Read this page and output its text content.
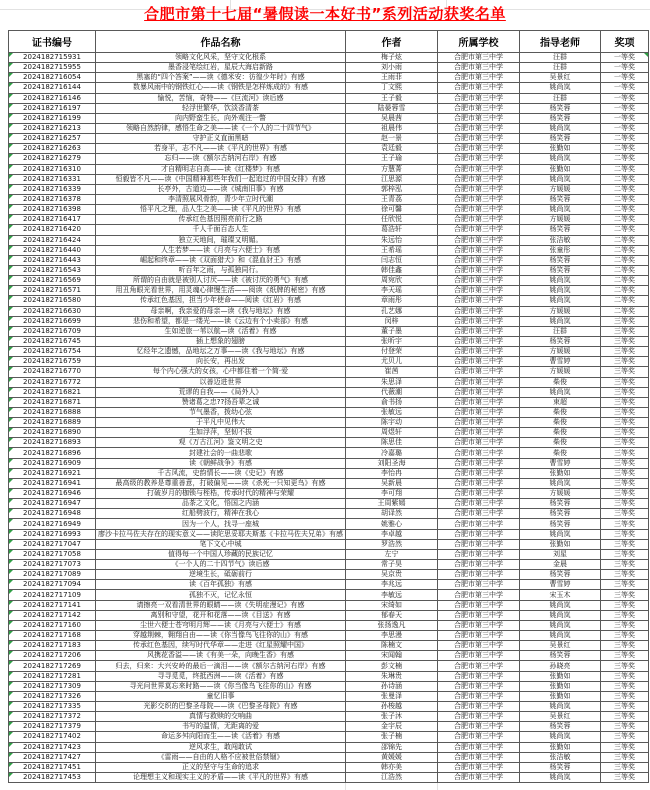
合肥市第十七届“暑假读一本好书”系列活动获奖名单
证书编号	作品名称	作者	所属学校	指导老师	奖项
2024182715931	领略文化风采，坚守文化根系	梅子炫	合肥市第三中学	汪群	一等奖
2024182715955	墨香浸笔绘红岩，星辰大海启新路	刘小雨	合肥市第三中学	汪群	一等奖
2024182716054	黑塞的“四个答案”——读《德米安：彷徨少年时》有感	王雨菲	合肥市第三中学	吴景红	一等奖
2024182716144	数暴风雨中的钢铁红心——读《钢铁是怎样炼成的》有感	丁文熙	合肥市第三中学	姚尚岚	一等奖
2024182716146	愉悦，苦恼，奇特——《巨流河》读后感	王子毅	合肥市第三中学	汪群	一等奖
2024182716197	轻浮世繁华，饮淡香清茶	陆晏蓉雪	合肥市第三中学	杨笑蓉	一等奖
2024182716199	向内野蛮生长，向外观注一瞥	吴晨茜	合肥市第三中学	杨笑蓉	一等奖
2024182716213	领略自然韵律，感悟生命之美——读《一个人的二十四节气》	祖晨伟	合肥市第三中学	姚尚岚	一等奖
2024182716257	守护正义直面黑暗	赵一景	合肥市第三中学	杨笑蓉	二等奖
2024182716263	若身平，志不凡——读《平凡的世界》有感	袁廷毅	合肥市第三中学	张勤如	二等奖
2024182716279	忘归——读《额尔古纳河右岸》有感	王子瑜	合肥市第三中学	姚尚岚	二等奖
2024182716310	才自精明志自高——读《红楼梦》有感	方慧菁	合肥市第三中学	张勤如	二等奖
2024182716331	恒毅皆不凡——读《中国精神那些年我们一起追过的中国女排》有感	江思源	合肥市第三中学	姚尚岚	二等奖
2024182716339	长亭外，古道边——读《城南旧事》有感	郭梓泓	合肥市第三中学	方媛媛	二等奖
2024182716378	李清照展风骨韵，青少年立时代潮	王青荔	合肥市第三中学	杨笑蓉	二等奖
2024182716398	悟平凡之理，品人生之美——读《平凡的世界》有感	徐可馨	合肥市第三中学	姚尚岚	二等奖
2024182716417	传承红色基因照亮前行之路	任欣悦	合肥市第三中学	方媛媛	二等奖
2024182716420	千人千面百态人生	葛浩轩	合肥市第三中学	杨笑蓉	二等奖
2024182716424	独立天地间，璀璨又明媚。	朱远怡	合肥市第三中学	张洁敏	二等奖
2024182716440	人生若梦——读《月亮与六便士》有感	王希瑶	合肥市第三中学	张童彤	二等奖
2024182716443	崛起和终章——读《双面猎犬》和《混血豺王》有感	闫志恒	合肥市第三中学	杨笑蓉	二等奖
2024182716543	听百年之雨，与孤独同行。	韩佳鑫	合肥市第三中学	杨笑蓉	二等奖
2024182716569	所谓的自由就是被别人讨厌——读《被讨厌的勇气》有感	周宛欣	合肥市第三中学	姚尚岚	二等奖
2024182716571	用丑角眼光看世界，用灵魂心律慢生活——阅读《纸牌的秘密》有感	李天瑶	合肥市第三中学	姚尚岚	二等奖
2024182716580	传承红色基因，担当少年使命——阅读《红岩》有感	章雨彤	合肥市第三中学	姚尚岚	二等奖
2024182716630	母亲啊，我亲爱的母亲—读《我与地坛》有感	孔艺娜	合肥市第三中学	方媛媛	二等奖
2024182716699	悲伤和希望，都是一缕光——读《云边有个小卖部》有感	闵梓	合肥市第三中学	姚尚岚	三等奖
2024182716709	生如逆旅一苇以航—读《活着》有感	董子墨	合肥市第三中学	汪群	三等奖
2024182716745	插上想象的翅膀	张昕宇	合肥市第三中学	杨笑蓉	三等奖
2024182716754	忆经年之遗憾，品地坛之万事——读《我与地坛》有感	付登荣	合肥市第三中学	方媛媛	三等奖
2024182716759	向长安，再出发	尤贝儿	合肥市第三中学	曹雪婷	三等奖
2024182716770	每个内心强大的女孩，心中都住着一个简·爱	崔茜	合肥市第三中学	方媛媛	三等奖
2024182716772	以善迈进世界	朱思泽	合肥市第三中学	柴俊	三等奖
2024182716821	荒谬的自我——《局外人》	代薇潮	合肥市第三中学	姚尚岚	三等奖
2024182716871	赞诸葛之忠??扬吾辈之诚	俞书扬	合肥市第三中学	束超	三等奖
2024182716888	节气墨香，拨幼心弦	张敏远	合肥市第三中学	柴俊	三等奖
2024182716889	于平凡中见伟大	陈宇动	合肥市第三中学	柴俊	三等奖
2024182716890	生如浮萍，坚韧不拔	周煜轩	合肥市第三中学	柴俊	三等奖
2024182716893	观《万古江河》鉴文明之史	陈思佳	合肥市第三中学	柴俊	三等奖
2024182716896	封建社会的一曲悲歌	冷嘉璐	合肥市第三中学	柴俊	三等奖
2024182716909	读《朝鲜战争》有感	刘阳圣海	合肥市第三中学	曹雪婷	三等奖
2024182716921	千古风流，史韵情长——读《史记》有感	李怡冉	合肥市第三中学	张勤如	三等奖
2024182716941	最高级的教养是尊重善意，打破偏见——读《杀死一只知更鸟》有感	吴新晨	合肥市第三中学	姚尚岚	三等奖
2024182716946	打破岁月的枷锁与桎梏，传承时代的精神与荣耀	李可翔	合肥市第三中学	方媛媛	三等奖
2024182716947	品茶之文化，悟国之内涵	王周紫嫣	合肥市第三中学	杨笑蓉	三等奖
2024182716948	红船劈波行，精神在我心	胡译然	合肥市第三中学	杨笑蓉	三等奖
2024182716949	因为一个人，找寻一座城	姚雅心	合肥市第三中学	杨笑蓉	三等奖
2024182716993	廖沙卡拉马佐夫存在的现实意义——读陀思妥耶夫斯基《卡拉马佐夫兄弟》有感	李卓越	合肥市第三中学	姚尚岚	三等奖
2024182717047	笔下文心中城	罗浩然	合肥市第三中学	张勤如	三等奖
2024182717058	值得每一个中国人珍藏的民族记忆	左宁	合肥市第三中学	刘星	三等奖
2024182717073	《一个人的二十四节气》读后感	常子昊	合肥市第三中学	金晨	三等奖
2024182717089	逆境生长，砥砺前行	吴京贵	合肥市第三中学	杨笑蓉	三等奖
2024182717094	读《百年孤独》有感	李兆远	合肥市第三中学	曹雪婷	三等奖
2024182717109	孤独不灭，记忆永恒	李敏远	合肥市第三中学	宋玉木	三等奖
2024182717141	请擦亮一双看清世界的眼睛——读《失明症漫记》有感	宋绮如	合肥市第三中学	姚尚岚	三等奖
2024182717142	离别和守望，花开和花落——读《目送》有感	郁春天	合肥市第三中学	姚尚岚	三等奖
2024182717160	尘世六便士苍穹明月辉——读《月亮与六便士》有感	张扬逸凡	合肥市第三中学	姚尚岚	三等奖
2024182717168	穿越荆棘，翱翔自由——读《你当像鸟飞往你的山》有感	李思漫	合肥市第三中学	姚尚岚	三等奖
2024182717183	传承红色基因，续写时代华章——走进《红星照耀中国》	陈楠文	合肥市第三中学	吴景红	三等奖
2024182717206	风携花香溢——读《有美一朵，向晚生香》有感	宋闻翰	合肥市第三中学	杨笑蓉	三等奖
2024182717269	归去，归来：大兴安岭的最后一滴泪——读《额尔古纳河右岸》有感	彭文楠	合肥市第三中学	孙晓亮	三等奖
2024182717281	寻寻觅觅，终抵西洲——读《活着》有感	朱琳贵	合肥市第三中学	张勤如	三等奖
2024182717309	寻光问世界莫忘来时路——读《你当像鸟飞往你的山》有感	孙诗涵	合肥市第三中学	张勤如	三等奖
2024182717326	童忆旧事	张曼泽	合肥市第三中学	张勤如	三等奖
2024182717335	光影交织的巴黎圣母院——读《巴黎圣母院》有感	孙梭越	合肥市第三中学	姚尚岚	三等奖
2024182717372	真情与救赎的交响曲	张子沐	合肥市第三中学	吴景红	三等奖
2024182717379	书写的温情，无距离的爱	金宇辰	合肥市第三中学	杨笑蓉	三等奖
2024182717402	命运多舛向阳而生——读《活着》有感	张子楠	合肥市第三中学	姚尚岚	三等奖
2024182717423	逆风求生，敢闯敢试	邵锦先	合肥市第三中学	张勤如	三等奖
2024182717427	《雷雨——自由的人格不应被世俗禁锢》	黄媛媛	合肥市第三中学	张洁敏	三等奖
2024182717451	正义的坚守与生命的追求	韩亦美	合肥市第三中学	杨笑蓉	三等奖
2024182717453	论理想主义和现实主义的矛盾——读《平凡的世界》有感	江浩然	合肥市第三中学	姚尚岚	三等奖
